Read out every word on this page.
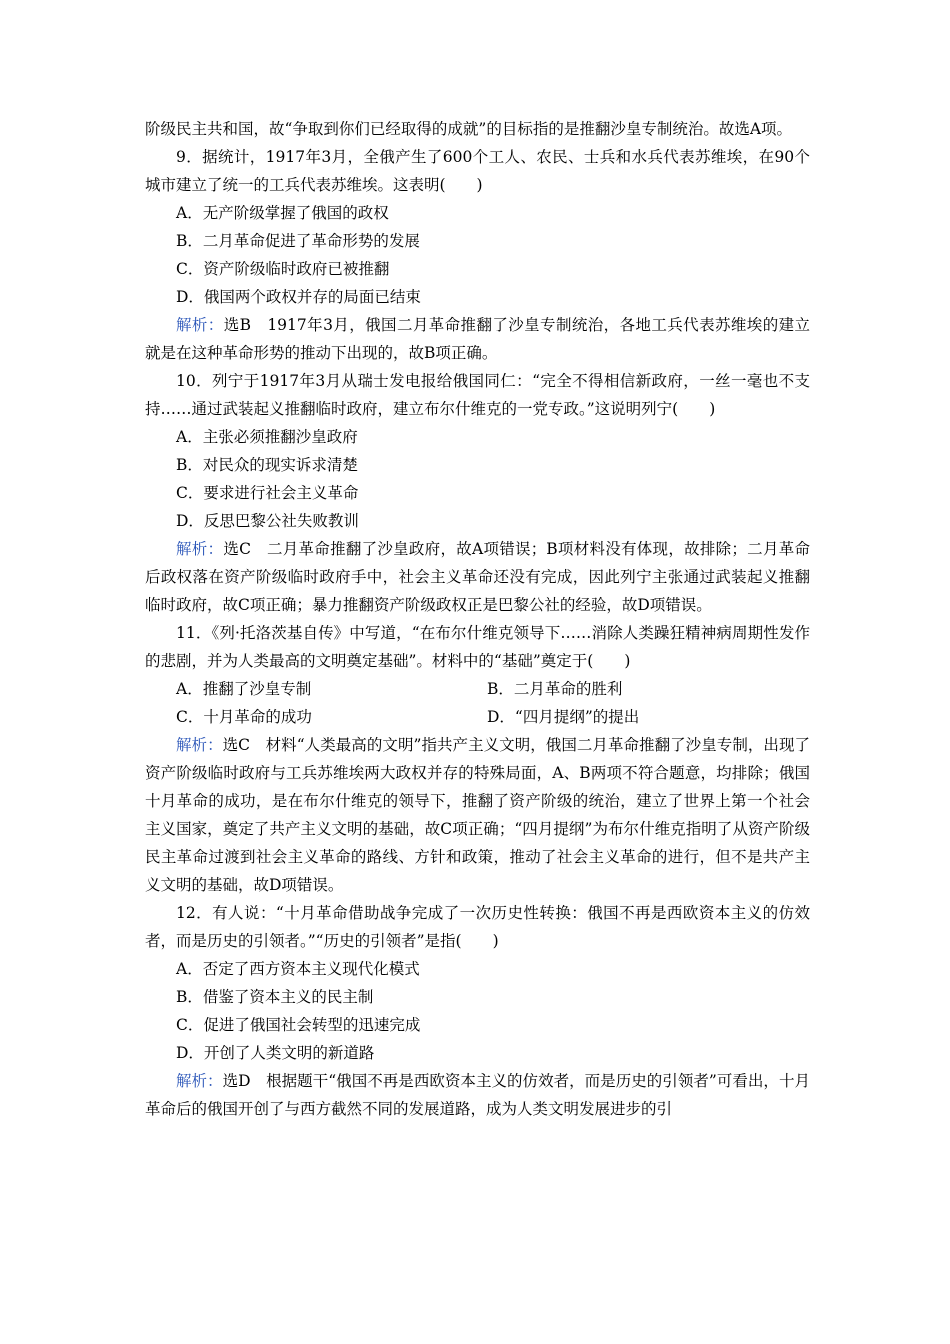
阶级民主共和国，故“争取到你们已经取得的成就”的目标指的是推翻沙皇专制统治。故选A项。

9．据统计，1917年3月，全俄产生了600个工人、农民、士兵和水兵代表苏维埃，在90个城市建立了统一的工兵代表苏维埃。这表明(　　)

A．无产阶级掌握了俄国的政权

B．二月革命促进了革命形势的发展

C．资产阶级临时政府已被推翻

D．俄国两个政权并存的局面已结束

解析：选B　1917年3月，俄国二月革命推翻了沙皇专制统治，各地工兵代表苏维埃的建立就是在这种革命形势的推动下出现的，故B项正确。

10．列宁于1917年3月从瑞士发电报给俄国同仁：“完全不得相信新政府，一丝一毫也不支持……通过武装起义推翻临时政府，建立布尔什维克的一党专政。”这说明列宁(　　)

A．主张必须推翻沙皇政府

B．对民众的现实诉求清楚

C．要求进行社会主义革命

D．反思巴黎公社失败教训

解析：选C　二月革命推翻了沙皇政府，故A项错误；B项材料没有体现，故排除；二月革命后政权落在资产阶级临时政府手中，社会主义革命还没有完成，因此列宁主张通过武装起义推翻临时政府，故C项正确；暴力推翻资产阶级政权正是巴黎公社的经验，故D项错误。

11．《列·托洛茨基自传》中写道，“在布尔什维克领导下……消除人类躁狂精神病周期性发作的悲剧，并为人类最高的文明奠定基础”。材料中的“基础”奠定于(　　)

A．推翻了沙皇专制	B．二月革命的胜利
C．十月革命的成功	D．“四月提纲”的提出

解析：选C　材料“人类最高的文明”指共产主义文明，俄国二月革命推翻了沙皇专制，出现了资产阶级临时政府与工兵苏维埃两大政权并存的特殊局面，A、B两项不符合题意，均排除；俄国十月革命的成功，是在布尔什维克的领导下，推翻了资产阶级的统治，建立了世界上第一个社会主义国家，奠定了共产主义文明的基础，故C项正确；“四月提纲”为布尔什维克指明了从资产阶级民主革命过渡到社会主义革命的路线、方针和政策，推动了社会主义革命的进行，但不是共产主义文明的基础，故D项错误。

12．有人说：“十月革命借助战争完成了一次历史性转换：俄国不再是西欧资本主义的仿效者，而是历史的引领者。”“历史的引领者”是指(　　)

A．否定了西方资本主义现代化模式

B．借鉴了资本主义的民主制

C．促进了俄国社会转型的迅速完成

D．开创了人类文明的新道路

解析：选D　根据题干“俄国不再是西欧资本主义的仿效者，而是历史的引领者”可看出，十月革命后的俄国开创了与西方截然不同的发展道路，成为人类文明发展进步的引
